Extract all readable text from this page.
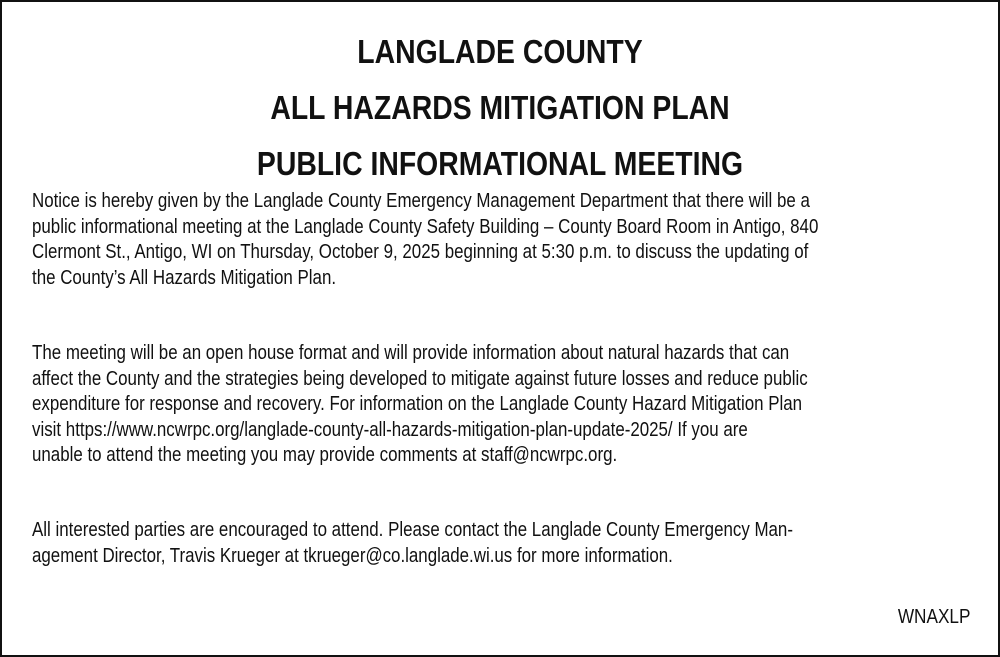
LANGLADE COUNTY
ALL HAZARDS MITIGATION PLAN
PUBLIC INFORMATIONAL MEETING

Notice is hereby given by the Langlade County Emergency Management Department that there will be a
public informational meeting at the Langlade County Safety Building – County Board Room in Antigo, 840
Clermont St., Antigo, WI on Thursday, October 9, 2025 beginning at 5:30 p.m. to discuss the updating of
the County’s All Hazards Mitigation Plan.

The meeting will be an open house format and will provide information about natural hazards that can
affect the County and the strategies being developed to mitigate against future losses and reduce public
expenditure for response and recovery. For information on the Langlade County Hazard Mitigation Plan
visit https://www.ncwrpc.org/langlade-county-all-hazards-mitigation-plan-update-2025/ If you are
unable to attend the meeting you may provide comments at staff@ncwrpc.org.

All interested parties are encouraged to attend. Please contact the Langlade County Emergency Man-
agement Director, Travis Krueger at tkrueger@co.langlade.wi.us for more information.

WNAXLP
